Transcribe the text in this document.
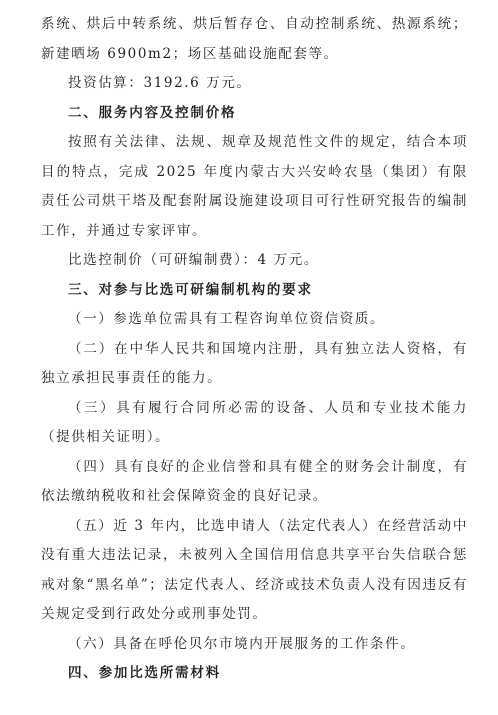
系统、烘后中转系统、烘后暂存仓、自动控制系统、热源系统；新建晒场 6900m2；场区基础设施配套等。

投资估算：3192.6 万元。

二、服务内容及控制价格

按照有关法律、法规、规章及规范性文件的规定，结合本项目的特点，完成 2025 年度内蒙古大兴安岭农垦（集团）有限责任公司烘干塔及配套附属设施建设项目可行性研究报告的编制工作，并通过专家评审。

比选控制价（可研编制费）：4 万元。

三、对参与比选可研编制机构的要求

（一）参选单位需具有工程咨询单位资信资质。

（二）在中华人民共和国境内注册，具有独立法人资格，有独立承担民事责任的能力。

（三）具有履行合同所必需的设备、人员和专业技术能力（提供相关证明）。

（四）具有良好的企业信誉和具有健全的财务会计制度，有依法缴纳税收和社会保障资金的良好记录。

（五）近 3 年内，比选申请人（法定代表人）在经营活动中没有重大违法记录，未被列入全国信用信息共享平台失信联合惩戒对象“黑名单”；法定代表人、经济或技术负责人没有因违反有关规定受到行政处分或刑事处罚。

（六）具备在呼伦贝尔市境内开展服务的工作条件。

四、参加比选所需材料
